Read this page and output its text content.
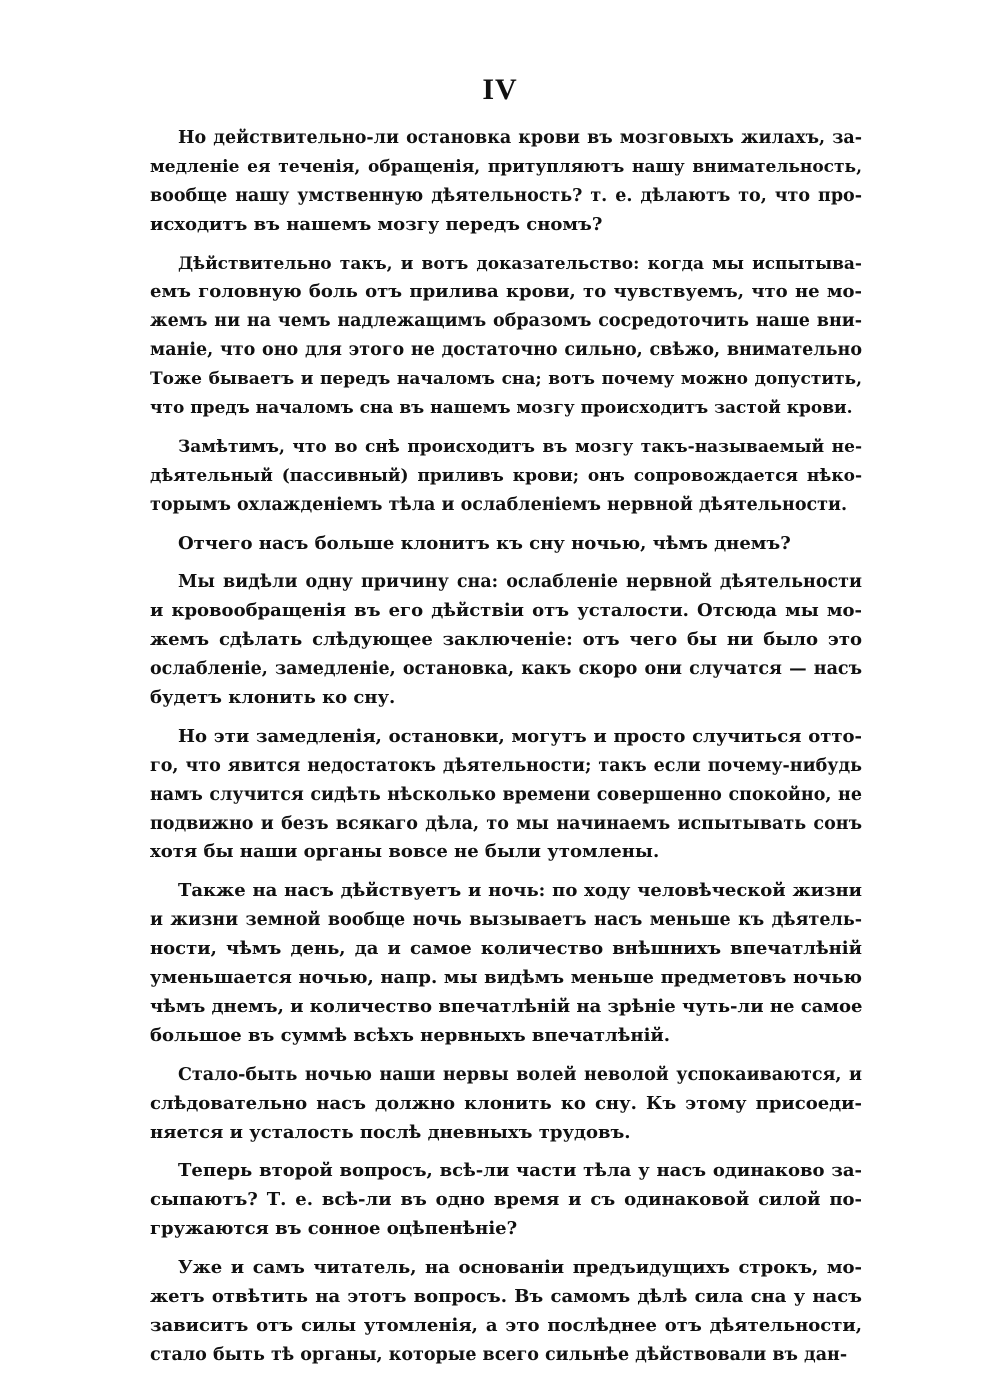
IV
Но действительно-ли остановка крови въ мозговыхъ жилахъ, за-
медленіе ея теченія, обращенія, притупляютъ нашу внимательность,
вообще нашу умственную дѣятельность? т. е. дѣлаютъ то, что про-
исходитъ въ нашемъ мозгу передъ сномъ?
Дѣйствительно такъ, и вотъ доказательство: когда мы испытыва-
емъ головную боль отъ прилива крови, то чувствуемъ, что не мо-
жемъ ни на чемъ надлежащимъ образомъ сосредоточить наше вни-
маніе, что оно для этого не достаточно сильно, свѣжо, внимательно
Тоже бываетъ и передъ началомъ сна; вотъ почему можно допустить,
что предъ началомъ сна въ нашемъ мозгу происходитъ застой крови.
Замѣтимъ, что во снѣ происходитъ въ мозгу такъ-называемый не-
дѣятельный (пассивный) приливъ крови; онъ сопровождается нѣко-
торымъ охлажденіемъ тѣла и ослабленіемъ нервной дѣятельности.
Отчего насъ больше клонитъ къ сну ночью, чѣмъ днемъ?
Мы видѣли одну причину сна: ослабленіе нервной дѣятельности
и кровообращенія въ его дѣйствіи отъ усталости. Отсюда мы мо-
жемъ сдѣлать слѣдующее заключеніе: отъ чего бы ни было это
ослабленіе, замедленіе, остановка, какъ скоро они случатся — насъ
будетъ клонить ко сну.
Но эти замедленія, остановки, могутъ и просто случиться отто-
го, что явится недостатокъ дѣятельности; такъ если почему-нибудь
намъ случится сидѣть нѣсколько времени совершенно спокойно, не
подвижно и безъ всякаго дѣла, то мы начинаемъ испытывать сонъ
хотя бы наши органы вовсе не были утомлены.
Также на насъ дѣйствуетъ и ночь: по ходу человѣческой жизни
и жизни земной вообще ночь вызываетъ насъ меньше къ дѣятель-
ности, чѣмъ день, да и самое количество внѣшнихъ впечатлѣній
уменьшается ночью, напр. мы видѣмъ меньше предметовъ ночью
чѣмъ днемъ, и количество впечатлѣній на зрѣніе чуть-ли не самое
большое въ суммѣ всѣхъ нервныхъ впечатлѣній.
Стало-быть ночью наши нервы волей неволой успокаиваются, и
слѣдовательно насъ должно клонить ко сну. Къ этому присоеди-
няется и усталость послѣ дневныхъ трудовъ.
Теперь второй вопросъ, всѣ-ли части тѣла у насъ одинаково за-
сыпаютъ? Т. е. всѣ-ли въ одно время и съ одинаковой силой по-
гружаются въ сонное оцѣпенѣніе?
Уже и самъ читатель, на основаніи предъидущихъ строкъ, мо-
жетъ отвѣтить на этотъ вопросъ. Въ самомъ дѣлѣ сила сна у насъ
зависитъ отъ силы утомленія, а это послѣднее отъ дѣятельности,
стало быть тѣ органы, которые всего сильнѣе дѣйствовали въ дан-
